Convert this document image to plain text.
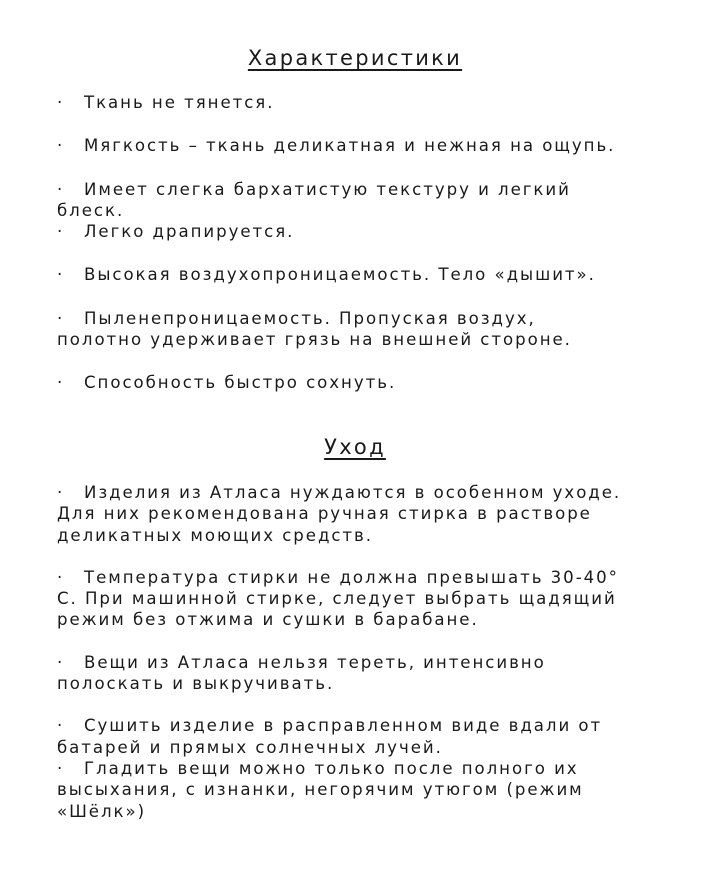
Характеристики
· Ткань не тянется.
· Мягкость – ткань деликатная и нежная на ощупь.
· Имеет слегка бархатистую текстуру и легкий
блеск.
· Легко драпируется.
· Высокая воздухопроницаемость. Тело «дышит».
· Пыленепроницаемость. Пропуская воздух,
полотно удерживает грязь на внешней стороне.
· Способность быстро сохнуть.
Уход
· Изделия из Атласа нуждаются в особенном уходе.
Для них рекомендована ручная стирка в растворе
деликатных моющих средств.
· Температура стирки не должна превышать 30-40°
С. При машинной стирке, следует выбрать щадящий
режим без отжима и сушки в барабане.
· Вещи из Атласа нельзя тереть, интенсивно
полоскать и выкручивать.
· Сушить изделие в расправленном виде вдали от
батарей и прямых солнечных лучей.
· Гладить вещи можно только после полного их
высыхания, с изнанки, негорячим утюгом (режим
«Шёлк»)
